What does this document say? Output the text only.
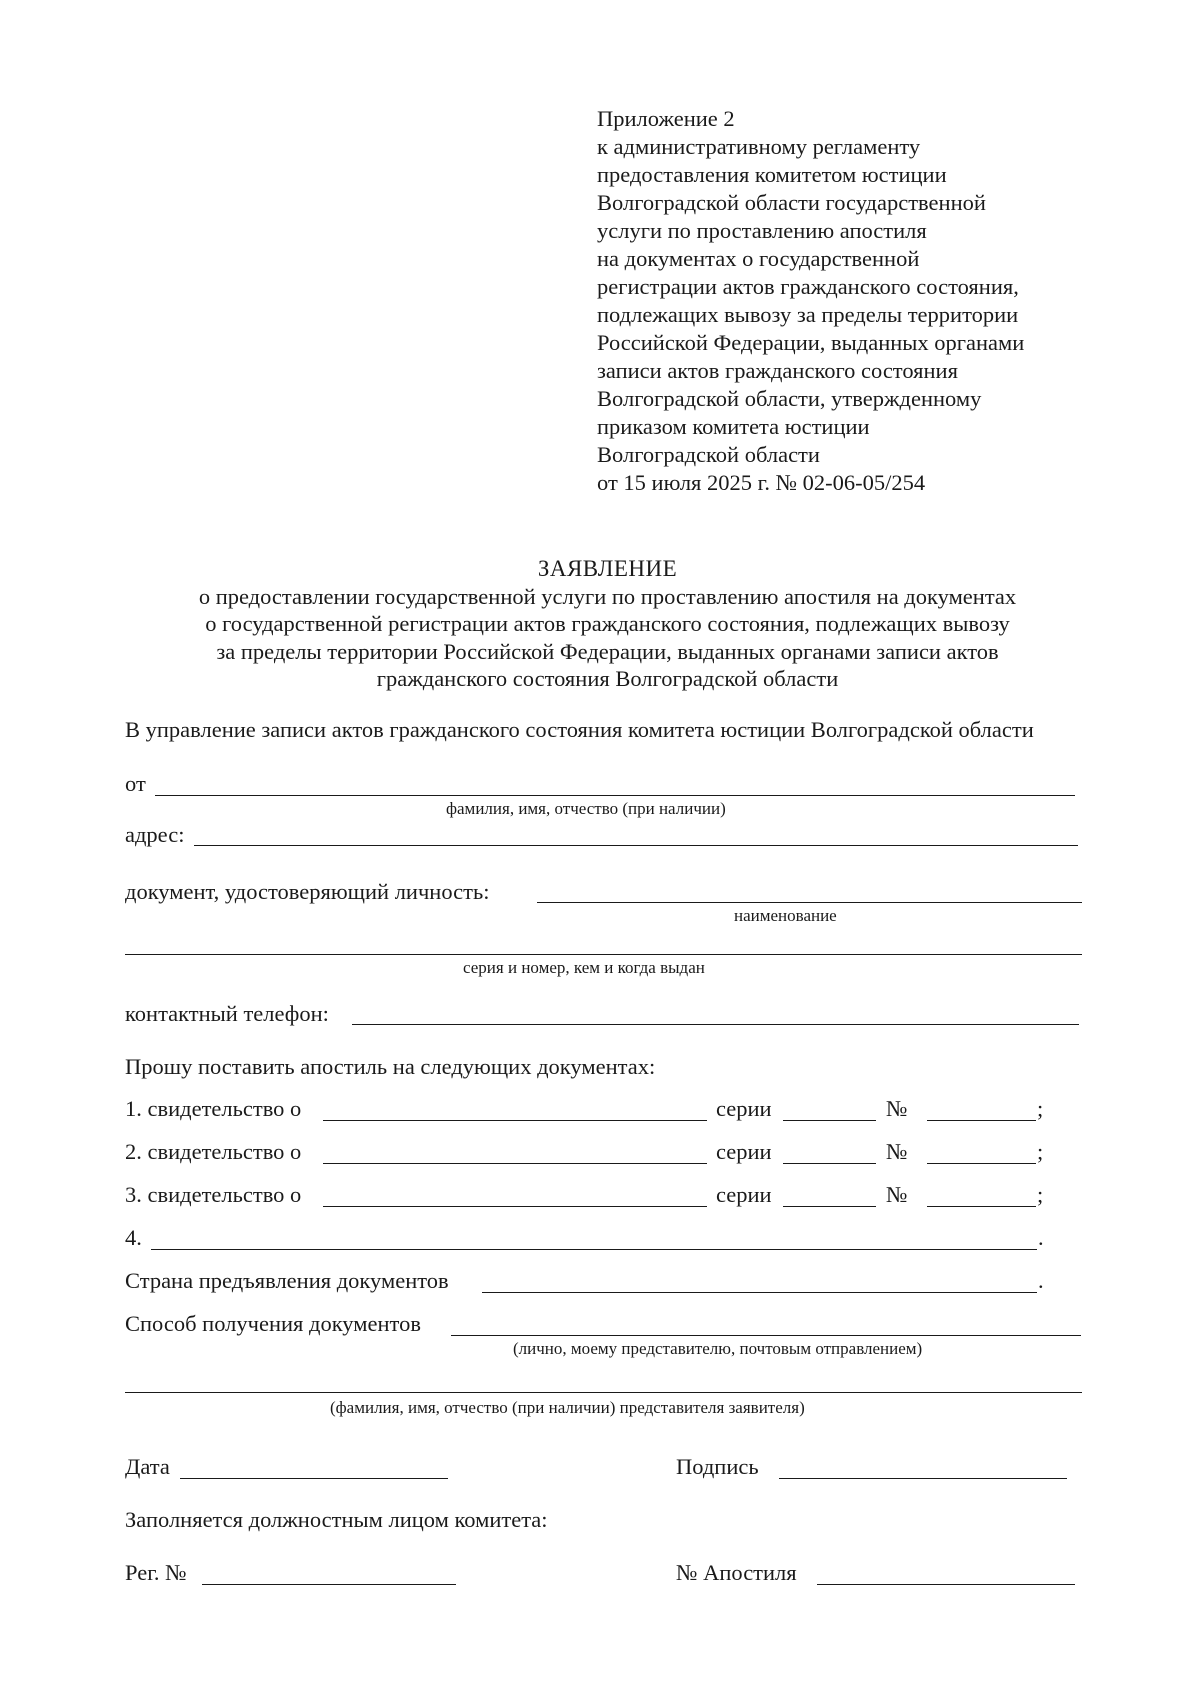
Приложение 2
к административному регламенту
предоставления комитетом юстиции
Волгоградской области государственной
услуги по проставлению апостиля
на документах о государственной
регистрации актов гражданского состояния,
подлежащих вывозу за пределы территории
Российской Федерации, выданных органами
записи актов гражданского состояния
Волгоградской области, утвержденному
приказом комитета юстиции
Волгоградской области
от 15 июля 2025 г. № 02-06-05/254
ЗАЯВЛЕНИЕ
о предоставлении государственной услуги по проставлению апостиля на документах
о государственной регистрации актов гражданского состояния, подлежащих вывозу
за пределы территории Российской Федерации, выданных органами записи актов
гражданского состояния Волгоградской области
В управление записи актов гражданского состояния комитета юстиции Волгоградской области
от
фамилия, имя, отчество (при наличии)
адрес:
документ, удостоверяющий личность:
наименование
серия и номер, кем и когда выдан
контактный телефон:
Прошу поставить апостиль на следующих документах:
1. свидетельство о	серии	№	;
2. свидетельство о	серии	№	;
3. свидетельство о	серии	№	;
4.	.
Страна предъявления документов	.
Способ получения документов
(лично, моему представителю, почтовым отправлением)
(фамилия, имя, отчество (при наличии) представителя заявителя)
Дата	Подпись
Заполняется должностным лицом комитета:
Рег. №	№ Апостиля
